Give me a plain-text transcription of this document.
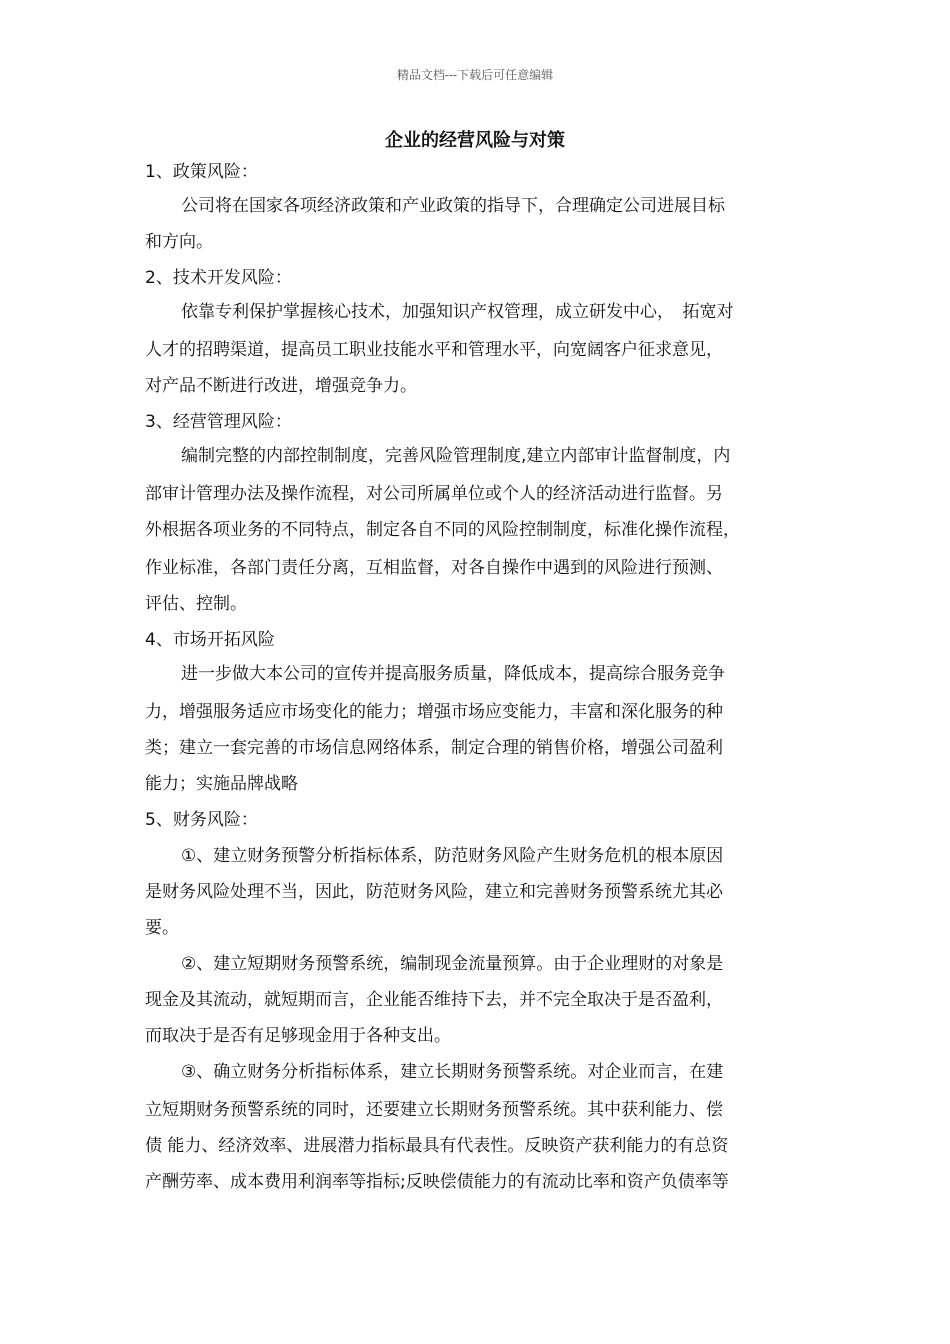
精品文档---下载后可任意编辑
企业的经营风险与对策
1、政策风险：
公司将在国家各项经济政策和产业政策的指导下，合理确定公司进展目标
和方向。
2、技术开发风险：
依靠专利保护掌握核心技术，加强知识产权管理，成立研发中心，　拓宽对
人才的招聘渠道，提高员工职业技能水平和管理水平，向宽阔客户征求意见，
对产品不断进行改进，增强竞争力。
3、经营管理风险：
编制完整的内部控制制度，完善风险管理制度,建立内部审计监督制度，内
部审计管理办法及操作流程，对公司所属单位或个人的经济活动进行监督。另
外根据各项业务的不同特点，制定各自不同的风险控制制度，标准化操作流程，
作业标准，各部门责任分离，互相监督，对各自操作中遇到的风险进行预测、
评估、控制。
4、市场开拓风险
进一步做大本公司的宣传并提高服务质量，降低成本，提高综合服务竞争
力，增强服务适应市场变化的能力；增强市场应变能力，丰富和深化服务的种
类；建立一套完善的市场信息网络体系，制定合理的销售价格，增强公司盈利
能力；实施品牌战略
5、财务风险：
①、建立财务预警分析指标体系，防范财务风险产生财务危机的根本原因
是财务风险处理不当，因此，防范财务风险，建立和完善财务预警系统尤其必
要。
②、建立短期财务预警系统，编制现金流量预算。由于企业理财的对象是
现金及其流动，就短期而言，企业能否维持下去，并不完全取决于是否盈利，
而取决于是否有足够现金用于各种支出。
③、确立财务分析指标体系，建立长期财务预警系统。对企业而言，在建
立短期财务预警系统的同时，还要建立长期财务预警系统。其中获利能力、偿
债 能力、经济效率、进展潜力指标最具有代表性。反映资产获利能力的有总资
产酬劳率、成本费用利润率等指标;反映偿债能力的有流动比率和资产负债率等
